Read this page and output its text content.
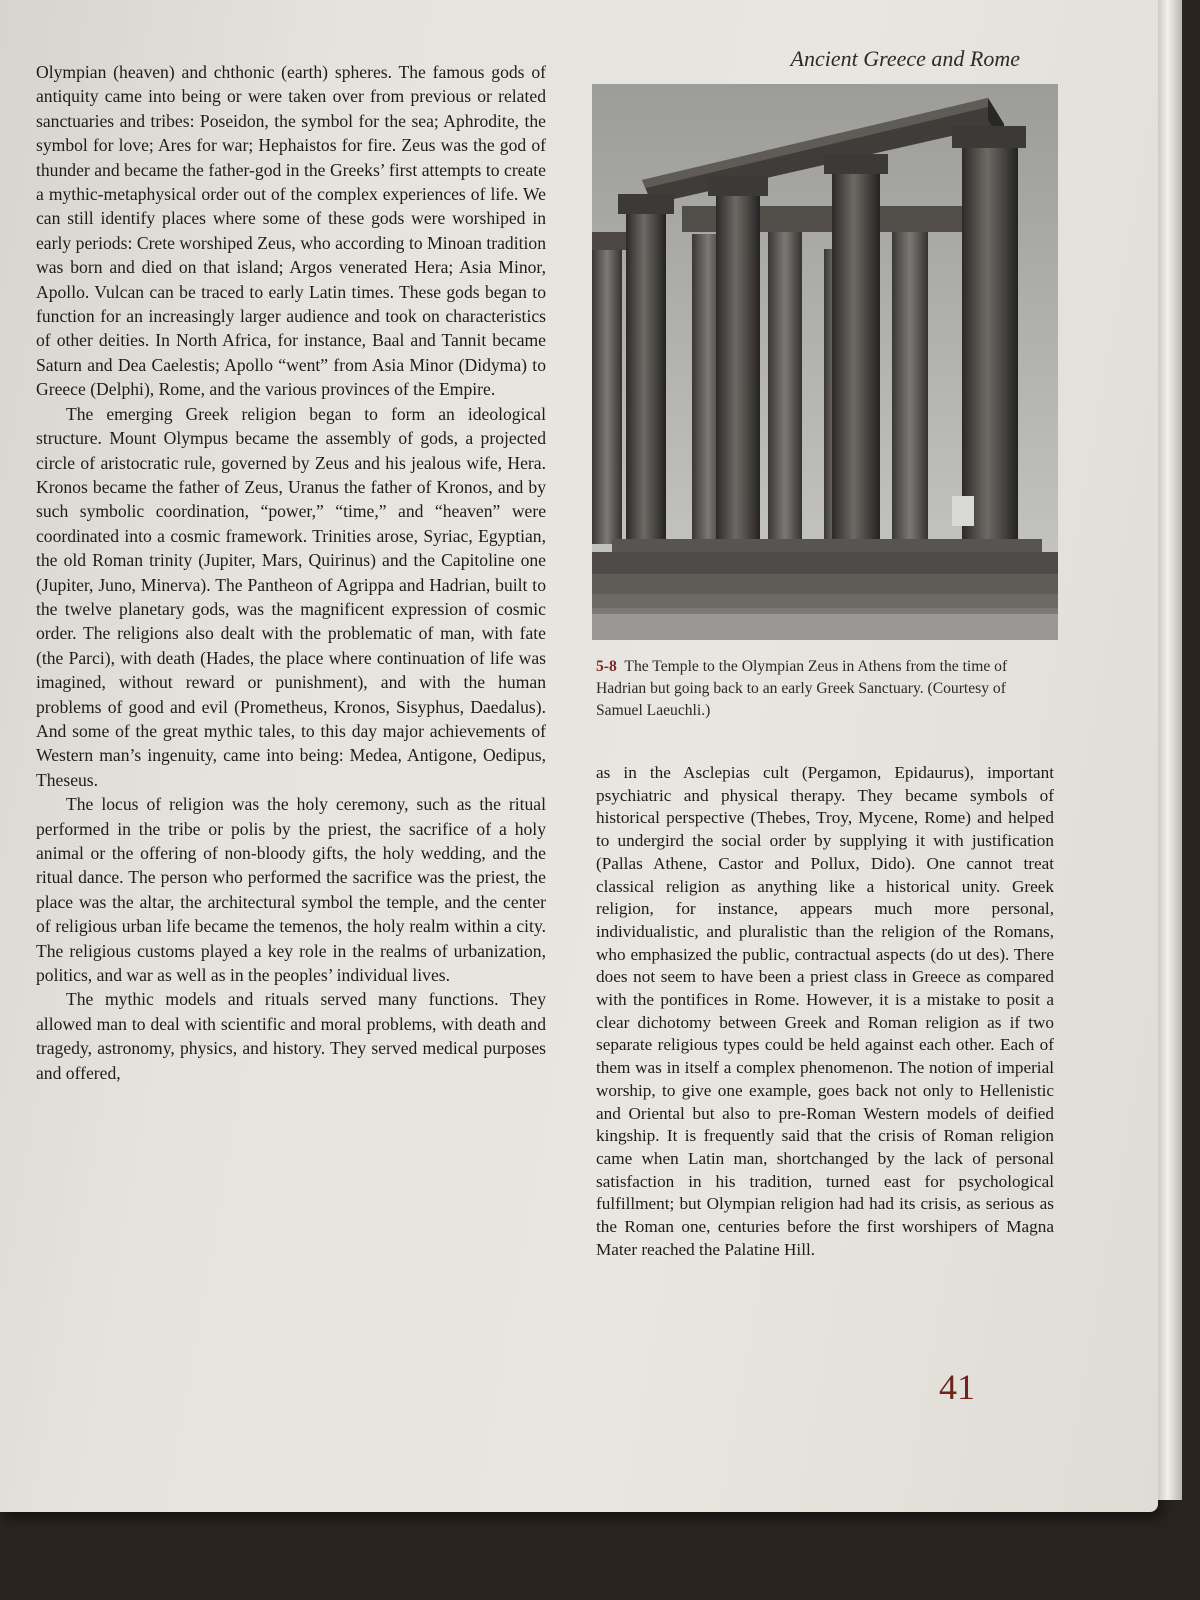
Ancient Greece and Rome

Olympian (heaven) and chthonic (earth) spheres. The famous gods of antiquity came into being or were taken over from previous or related sanctuaries and tribes: Poseidon, the symbol for the sea; Aphrodite, the symbol for love; Ares for war; Hephaistos for fire. Zeus was the god of thunder and became the father-god in the Greeks’ first attempts to create a mythic-metaphysical order out of the complex experiences of life. We can still identify places where some of these gods were worshiped in early periods: Crete worshiped Zeus, who according to Minoan tradition was born and died on that island; Argos venerated Hera; Asia Minor, Apollo. Vulcan can be traced to early Latin times. These gods began to function for an increasingly larger audience and took on characteristics of other deities. In North Africa, for instance, Baal and Tannit became Saturn and Dea Caelestis; Apollo “went” from Asia Minor (Didyma) to Greece (Delphi), Rome, and the various provinces of the Empire.

The emerging Greek religion began to form an ideological structure. Mount Olympus became the assembly of gods, a projected circle of aristocratic rule, governed by Zeus and his jealous wife, Hera. Kronos became the father of Zeus, Uranus the father of Kronos, and by such symbolic coordination, “power,” “time,” and “heaven” were coordinated into a cosmic framework. Trinities arose, Syriac, Egyptian, the old Roman trinity (Jupiter, Mars, Quirinus) and the Capitoline one (Jupiter, Juno, Minerva). The Pantheon of Agrippa and Hadrian, built to the twelve planetary gods, was the magnificent expression of cosmic order. The religions also dealt with the problematic of man, with fate (the Parci), with death (Hades, the place where continuation of life was imagined, without reward or punishment), and with the human problems of good and evil (Prometheus, Kronos, Sisyphus, Daedalus). And some of the great mythic tales, to this day major achievements of Western man’s ingenuity, came into being: Medea, Antigone, Oedipus, Theseus.

The locus of religion was the holy ceremony, such as the ritual performed in the tribe or polis by the priest, the sacrifice of a holy animal or the offering of non-bloody gifts, the holy wedding, and the ritual dance. The person who performed the sacrifice was the priest, the place was the altar, the architectural symbol the temple, and the center of religious urban life became the temenos, the holy realm within a city. The religious customs played a key role in the realms of urbanization, politics, and war as well as in the peoples’ individual lives.

The mythic models and rituals served many functions. They allowed man to deal with scientific and moral problems, with death and tragedy, astronomy, physics, and history. They served medical purposes and offered,

5-8 The Temple to the Olympian Zeus in Athens from the time of Hadrian but going back to an early Greek Sanctuary. (Courtesy of Samuel Laeuchli.)

as in the Asclepias cult (Pergamon, Epidaurus), important psychiatric and physical therapy. They became symbols of historical perspective (Thebes, Troy, Mycene, Rome) and helped to undergird the social order by supplying it with justification (Pallas Athene, Castor and Pollux, Dido). One cannot treat classical religion as anything like a historical unity. Greek religion, for instance, appears much more personal, individualistic, and pluralistic than the religion of the Romans, who emphasized the public, contractual aspects (do ut des). There does not seem to have been a priest class in Greece as compared with the pontifices in Rome. However, it is a mistake to posit a clear dichotomy between Greek and Roman religion as if two separate religious types could be held against each other. Each of them was in itself a complex phenomenon. The notion of imperial worship, to give one example, goes back not only to Hellenistic and Oriental but also to pre-Roman Western models of deified kingship. It is frequently said that the crisis of Roman religion came when Latin man, shortchanged by the lack of personal satisfaction in his tradition, turned east for psychological fulfillment; but Olympian religion had had its crisis, as serious as the Roman one, centuries before the first worshipers of Magna Mater reached the Palatine Hill.

41
